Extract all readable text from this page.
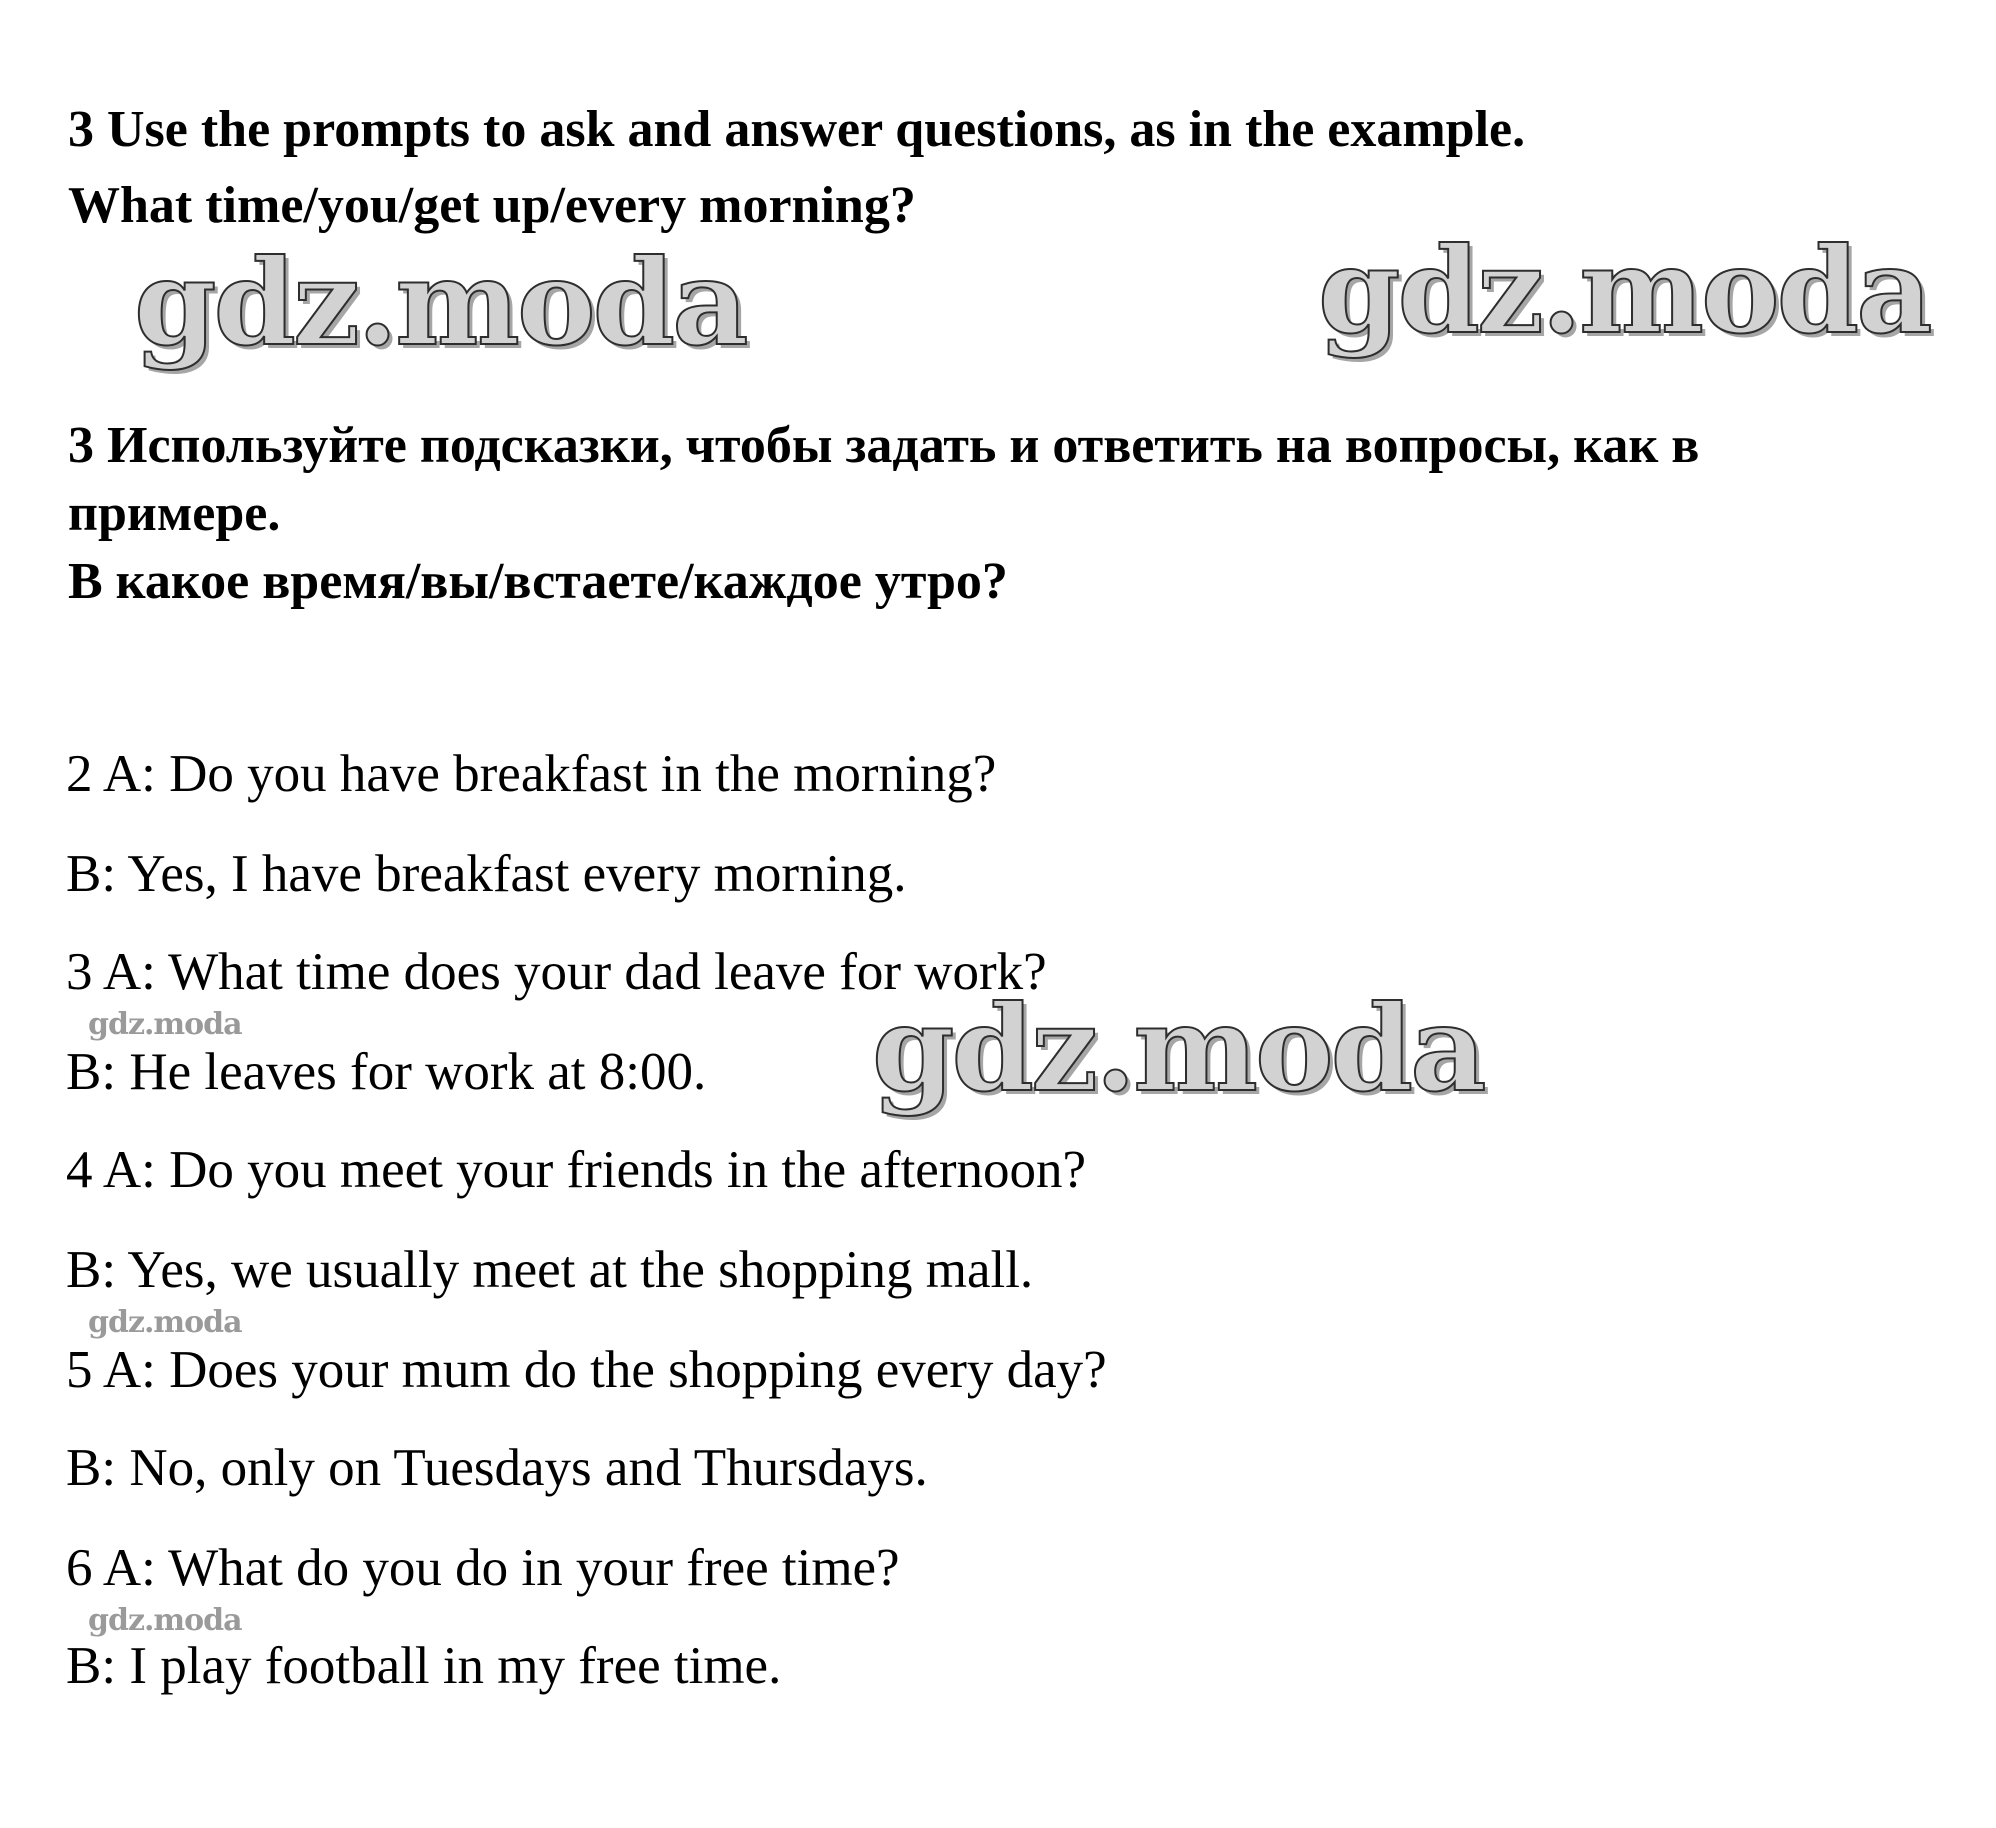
gdz.moda	gdz.moda
gdz.moda
gdz.moda
gdz.moda
gdz.moda
3 Use the prompts to ask and answer questions, as in the example.
What time/you/get up/every morning?
3 Используйте подсказки, чтобы задать и ответить на вопросы, как в
примере.
В какое время/вы/встаете/каждое утро?
2 A: Do you have breakfast in the morning?
B: Yes, I have breakfast every morning.
3 A: What time does your dad leave for work?
B: He leaves for work at 8:00.
4 A: Do you meet your friends in the afternoon?
B: Yes, we usually meet at the shopping mall.
5 A: Does your mum do the shopping every day?
B: No, only on Tuesdays and Thursdays.
6 A: What do you do in your free time?
B: I play football in my free time.
